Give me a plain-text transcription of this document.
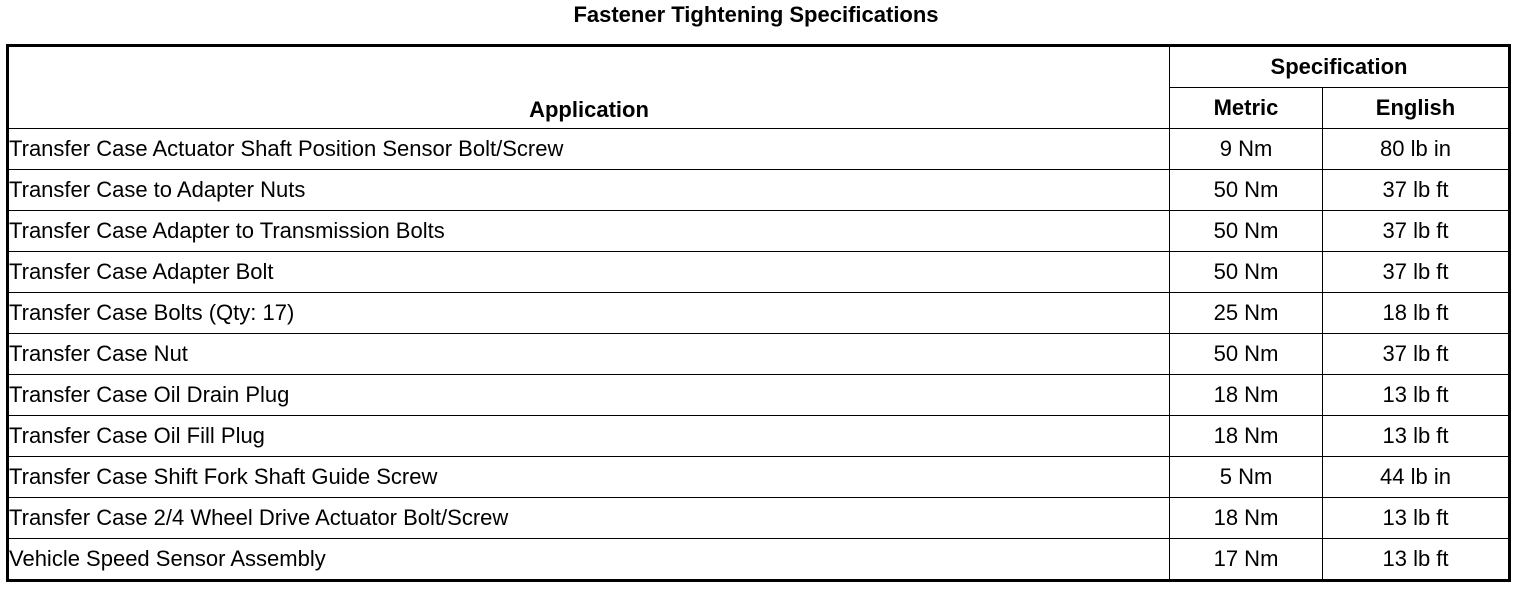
Fastener Tightening Specifications
Application	Specification	
	Metric	English
Transfer Case Actuator Shaft Position Sensor Bolt/Screw	9 Nm	80 lb in
Transfer Case to Adapter Nuts	50 Nm	37 lb ft
Transfer Case Adapter to Transmission Bolts	50 Nm	37 lb ft
Transfer Case Adapter Bolt	50 Nm	37 lb ft
Transfer Case Bolts (Qty: 17)	25 Nm	18 lb ft
Transfer Case Nut	50 Nm	37 lb ft
Transfer Case Oil Drain Plug	18 Nm	13 lb ft
Transfer Case Oil Fill Plug	18 Nm	13 lb ft
Transfer Case Shift Fork Shaft Guide Screw	5 Nm	44 lb in
Transfer Case 2/4 Wheel Drive Actuator Bolt/Screw	18 Nm	13 lb ft
Vehicle Speed Sensor Assembly	17 Nm	13 lb ft
